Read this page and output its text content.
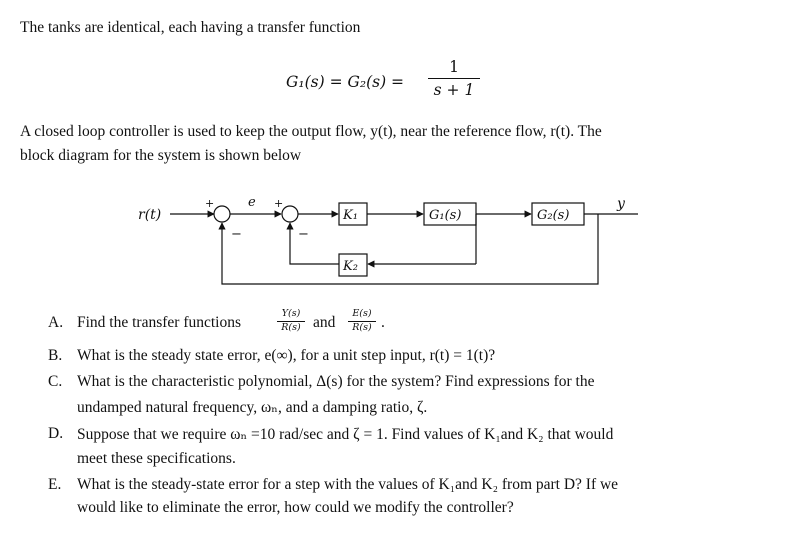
The tanks are identical, each having a transfer function
G₁(s) = G₂(s) =
1
s + 1
A closed loop controller is used to keep the output flow, y(t), near the reference flow, r(t). The
block diagram for the system is shown below
r(t)
e	y
+
−
+
−
K₁	G₁(s)	G₂(s)
K₂
A. Find the transfer functions
Y(s)
R(s) and
E(s)
R(s) .
B. What is the steady state error, e(∞), for a unit step input, r(t) = 1(t)?
C. What is the characteristic polynomial, Δ(s) for the system? Find expressions for the
undamped natural frequency, ωₙ, and a damping ratio, ζ.
D. Suppose that we require ωₙ =10 rad/sec and ζ = 1. Find values of K₁and K₂ that would
meet these specifications.
E. What is the steady-state error for a step with the values of K₁and K₂ from part D? If we
would like to eliminate the error, how could we modify the controller?
